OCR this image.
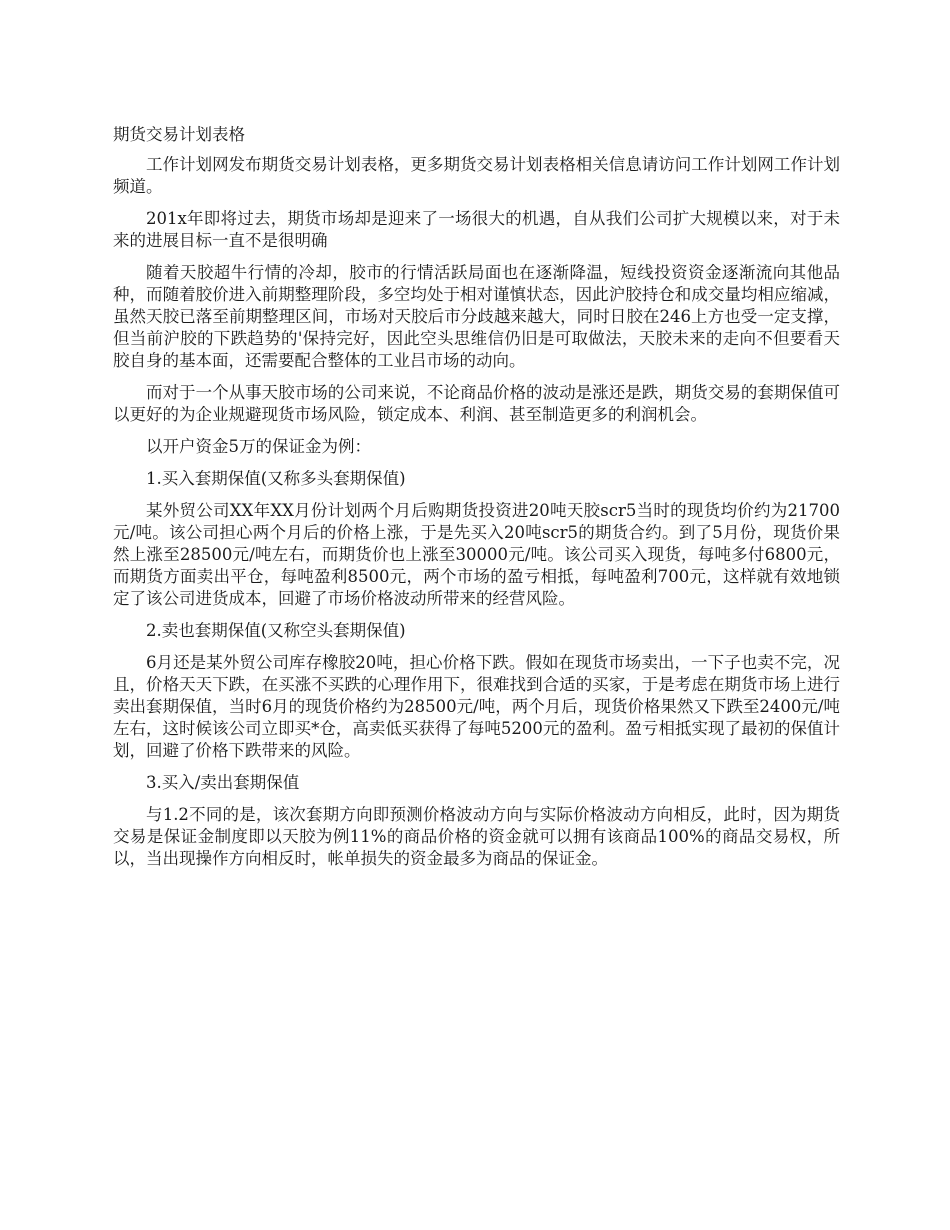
期货交易计划表格

工作计划网发布期货交易计划表格，更多期货交易计划表格相关信息请访问工作计划网工作计划频道。

201x年即将过去，期货市场却是迎来了一场很大的机遇，自从我们公司扩大规模以来，对于未来的进展目标一直不是很明确

随着天胶超牛行情的冷却，胶市的行情活跃局面也在逐渐降温，短线投资资金逐渐流向其他品种，而随着胶价进入前期整理阶段，多空均处于相对谨慎状态，因此沪胶持仓和成交量均相应缩减，虽然天胶已落至前期整理区间，市场对天胶后市分歧越来越大，同时日胶在246上方也受一定支撑，但当前沪胶的下跌趋势的'保持完好，因此空头思维信仍旧是可取做法，天胶未来的走向不但要看天胶自身的基本面，还需要配合整体的工业吕市场的动向。

而对于一个从事天胶市场的公司来说，不论商品价格的波动是涨还是跌，期货交易的套期保值可以更好的为企业规避现货市场风险，锁定成本、利润、甚至制造更多的利润机会。

以开户资金5万的保证金为例：

1.买入套期保值(又称多头套期保值)

某外贸公司XX年XX月份计划两个月后购期货投资进20吨天胶scr5当时的现货均价约为21700元/吨。该公司担心两个月后的价格上涨，于是先买入20吨scr5的期货合约。到了5月份，现货价果然上涨至28500元/吨左右，而期货价也上涨至30000元/吨。该公司买入现货，每吨多付6800元，而期货方面卖出平仓，每吨盈利8500元，两个市场的盈亏相抵，每吨盈利700元，这样就有效地锁定了该公司进货成本，回避了市场价格波动所带来的经营风险。

2.卖也套期保值(又称空头套期保值)

6月还是某外贸公司库存橡胶20吨，担心价格下跌。假如在现货市场卖出，一下子也卖不完，况且，价格天天下跌，在买涨不买跌的心理作用下，很难找到合适的买家，于是考虑在期货市场上进行卖出套期保值，当时6月的现货价格约为28500元/吨，两个月后，现货价格果然又下跌至2400元/吨左右，这时候该公司立即买*仓，高卖低买获得了每吨5200元的盈利。盈亏相抵实现了最初的保值计划，回避了价格下跌带来的风险。

3.买入/卖出套期保值

与1.2不同的是，该次套期方向即预测价格波动方向与实际价格波动方向相反，此时，因为期货交易是保证金制度即以天胶为例11%的商品价格的资金就可以拥有该商品100%的商品交易权，所以，当出现操作方向相反时，帐单损失的资金最多为商品的保证金。
